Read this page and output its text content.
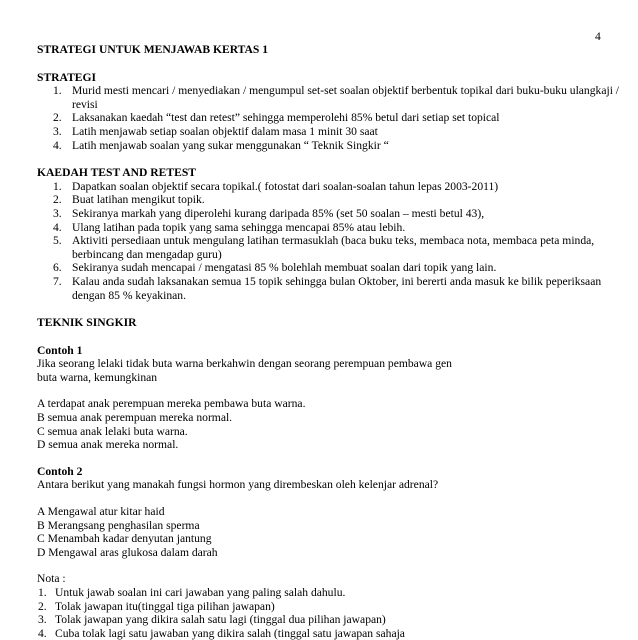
4

STRATEGI UNTUK MENJAWAB KERTAS 1

STRATEGI

1. Murid mesti mencari / menyediakan / mengumpul set-set soalan objektif berbentuk topikal dari buku-buku ulangkaji / revisi
2. Laksanakan kaedah “test dan retest” sehingga memperolehi 85% betul dari setiap set topical
3. Latih menjawab setiap soalan objektif dalam masa 1 minit 30 saat
4. Latih menjawab soalan yang sukar menggunakan “ Teknik Singkir “

KAEDAH TEST AND RETEST

1. Dapatkan soalan objektif secara topikal.( fotostat dari soalan-soalan tahun lepas 2003-2011)
2. Buat latihan mengikut topik.
3. Sekiranya markah yang diperolehi kurang daripada 85% (set 50 soalan – mesti betul 43),
4. Ulang latihan pada topik yang sama sehingga mencapai 85% atau lebih.
5. Aktiviti persediaan untuk mengulang latihan termasuklah (baca buku teks, membaca nota, membaca peta minda, berbincang dan mengadap guru)
6. Sekiranya sudah mencapai / mengatasi 85 % bolehlah membuat soalan dari topik yang lain.
7. Kalau anda sudah laksanakan semua 15 topik sehingga bulan Oktober, ini bererti anda masuk ke bilik peperiksaan dengan 85 % keyakinan.

TEKNIK SINGKIR

Contoh 1

Jika seorang lelaki tidak buta warna berkahwin dengan seorang perempuan pembawa gen buta warna, kemungkinan

A terdapat anak perempuan mereka pembawa buta warna.

B semua anak perempuan mereka normal.

C semua anak lelaki buta warna.

D semua anak mereka normal.

Contoh 2

Antara berikut yang manakah fungsi hormon yang dirembeskan oleh kelenjar adrenal?

A Mengawal atur kitar haid

B Merangsang penghasilan sperma

C Menambah kadar denyutan jantung

D Mengawal aras glukosa dalam darah

Nota :

1. Untuk jawab soalan ini cari jawaban yang paling salah dahulu.
2. Tolak jawapan itu(tinggal tiga pilihan jawapan)
3. Tolak jawapan yang dikira salah satu lagi (tinggal dua pilihan jawapan)
4. Cuba tolak lagi satu jawaban yang dikira salah (tinggal satu jawapan sahaja
